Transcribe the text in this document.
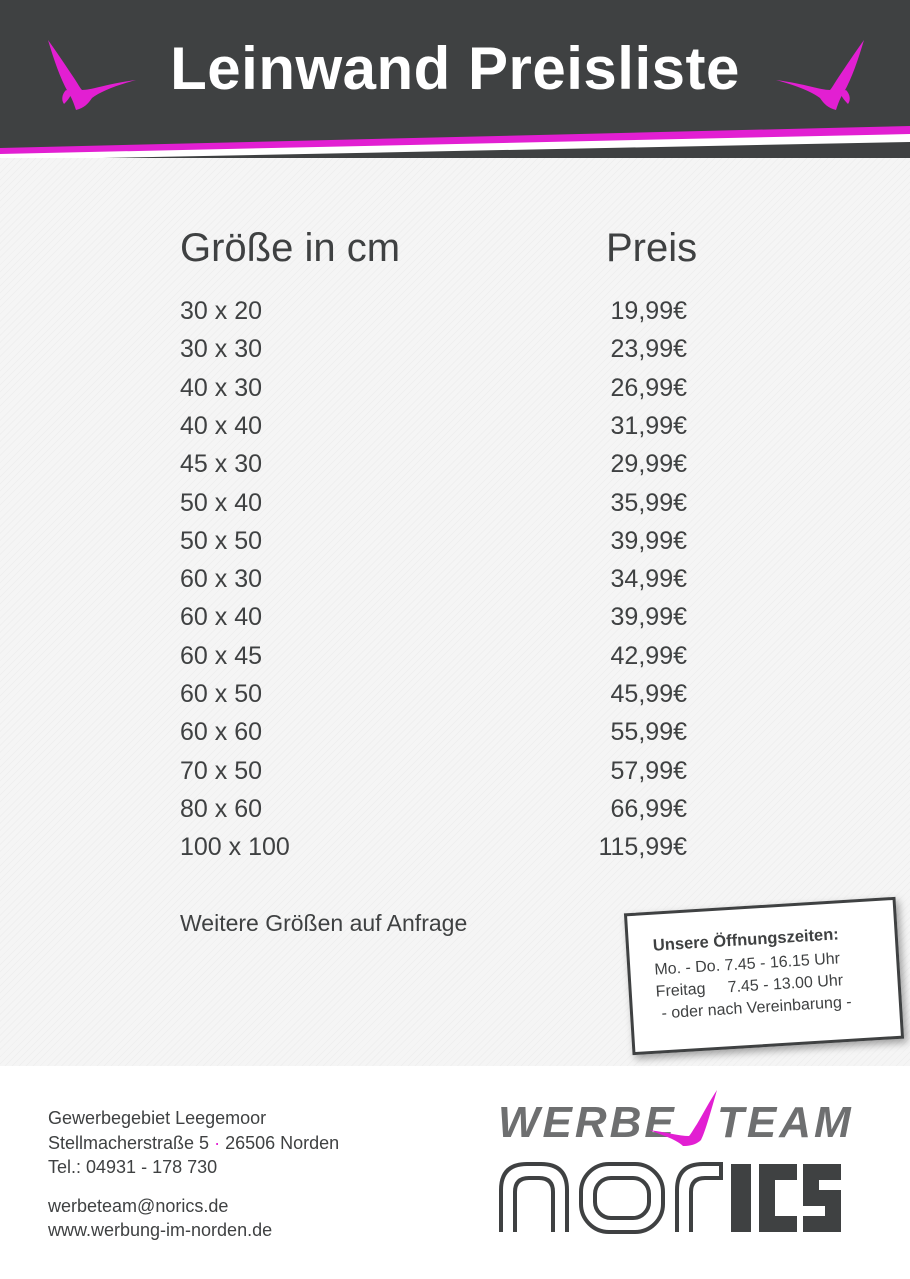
Leinwand Preisliste
Größe in cm	Preis
30 x 20	19,99€
30 x 30	23,99€
40 x 30	26,99€
40 x 40	31,99€
45 x 30	29,99€
50 x 40	35,99€
50 x 50	39,99€
60 x 30	34,99€
60 x 40	39,99€
60 x 45	42,99€
60 x 50	45,99€
60 x 60	55,99€
70 x 50	57,99€
80 x 60	66,99€
100 x 100	115,99€
Weitere Größen auf Anfrage
Unsere Öffnungszeiten:
Mo. - Do. 7.45 - 16.15 Uhr
Freitag     7.45 - 13.00 Uhr
- oder nach Vereinbarung -
Gewerbegebiet Leegemoor
Stellmacherstraße 5 · 26506 Norden
Tel.: 04931 - 178 730
werbeteam@norics.de
www.werbung-im-norden.de
WERBE TEAM
